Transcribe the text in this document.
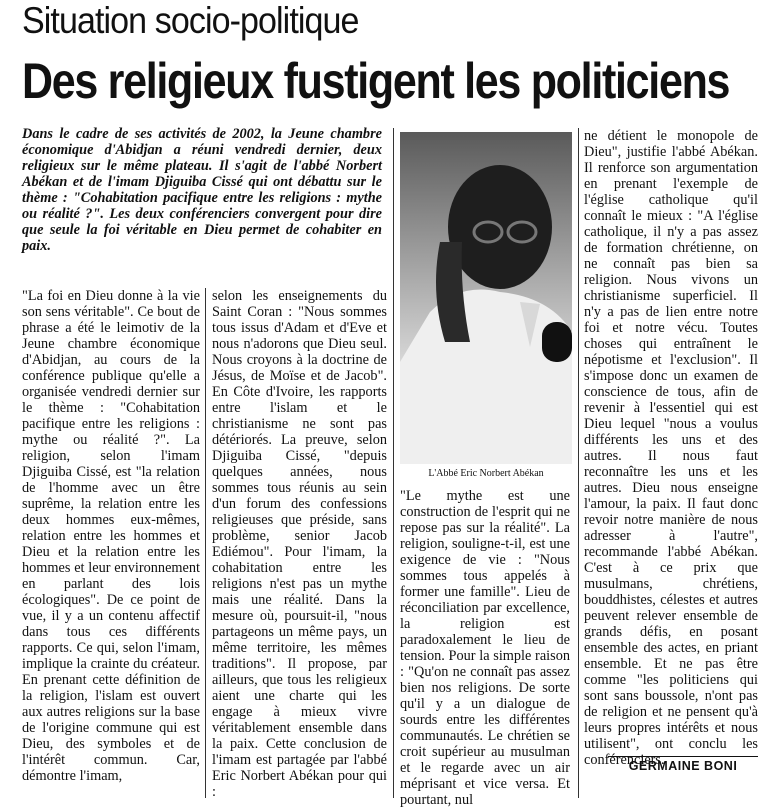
Situation socio-politique
Des religieux fustigent les politiciens

Dans le cadre de ses activités de 2002, la Jeune chambre économique d'Abidjan a réuni vendredi dernier, deux religieux sur le même plateau. Il s'agit de l'abbé Norbert Abékan et de l'imam Djiguiba Cissé qui ont débattu sur le thème : "Cohabitation pacifique entre les religions : mythe ou réalité ?". Les deux conférenciers convergent pour dire que seule la foi véritable en Dieu permet de cohabiter en paix.

"La foi en Dieu donne à la vie son sens véritable". Ce bout de phrase a été le leimotiv de la Jeune chambre économique d'Abidjan, au cours de la conférence publique qu'elle a organisée vendredi dernier sur le thème : "Cohabitation pacifique entre les religions : mythe ou réalité ?". La religion, selon l'imam Djiguiba Cissé, est "la relation de l'homme avec un être suprême, la relation entre les deux hommes eux-mêmes, relation entre les hommes et Dieu et la relation entre les hommes et leur environnement en parlant des lois écologiques". De ce point de vue, il y a un contenu affectif dans tous ces différents rapports. Ce qui, selon l'imam, implique la crainte du créateur. En prenant cette définition de la religion, l'islam est ouvert aux autres religions sur la base de l'origine commune qui est Dieu, des symboles et de l'intérêt commun. Car, démontre l'imam,

selon les enseignements du Saint Coran : "Nous sommes tous issus d'Adam et d'Eve et nous n'adorons que Dieu seul. Nous croyons à la doctrine de Jésus, de Moïse et de Jacob". En Côte d'Ivoire, les rapports entre l'islam et le christianisme ne sont pas détériorés. La preuve, selon Djiguiba Cissé, "depuis quelques années, nous sommes tous réunis au sein d'un forum des confessions religieuses que préside, sans problème, senior Jacob Ediémou". Pour l'imam, la cohabitation entre les religions n'est pas un mythe mais une réalité. Dans la mesure où, poursuit-il, "nous partageons un même pays, un même territoire, les mêmes traditions". Il propose, par ailleurs, que tous les religieux aient une charte qui les engage à mieux vivre véritablement ensemble dans la paix. Cette conclusion de l'imam est partagée par l'abbé Eric Norbert Abékan pour qui :

L'Abbé Eric Norbert Abékan

"Le mythe est une construction de l'esprit qui ne repose pas sur la réalité". La religion, souligne-t-il, est une exigence de vie : "Nous sommes tous appelés à former une famille". Lieu de réconciliation par excellence, la religion est paradoxalement le lieu de tension. Pour la simple raison : "Qu'on ne connaît pas assez bien nos religions. De sorte qu'il y a un dialogue de sourds entre les différentes communautés. Le chrétien se croit supérieur au musulman et le regarde avec un air méprisant et vice versa. Et pourtant, nul

ne détient le monopole de Dieu", justifie l'abbé Abékan. Il renforce son argumentation en prenant l'exemple de l'église catholique qu'il connaît le mieux : "A l'église catholique, il n'y a pas assez de formation chrétienne, on ne connaît pas bien sa religion. Nous vivons un christianisme superficiel. Il n'y a pas de lien entre notre foi et notre vécu. Toutes choses qui entraînent le népotisme et l'exclusion". Il s'impose donc un examen de conscience de tous, afin de revenir à l'essentiel qui est Dieu lequel "nous a voulus différents les uns et des autres. Il nous faut reconnaître les uns et les autres. Dieu nous enseigne l'amour, la paix. Il faut donc revoir notre manière de nous adresser à l'autre", recommande l'abbé Abékan. C'est à ce prix que musulmans, chrétiens, bouddhistes, célestes et autres peuvent relever ensemble de grands défis, en posant ensemble des actes, en priant ensemble. Et ne pas être comme "les politiciens qui sont sans boussole, n'ont pas de religion et ne pensent qu'à leurs propres intérêts et nous utilisent", ont conclu les conférenciers.

GERMAINE BONI
